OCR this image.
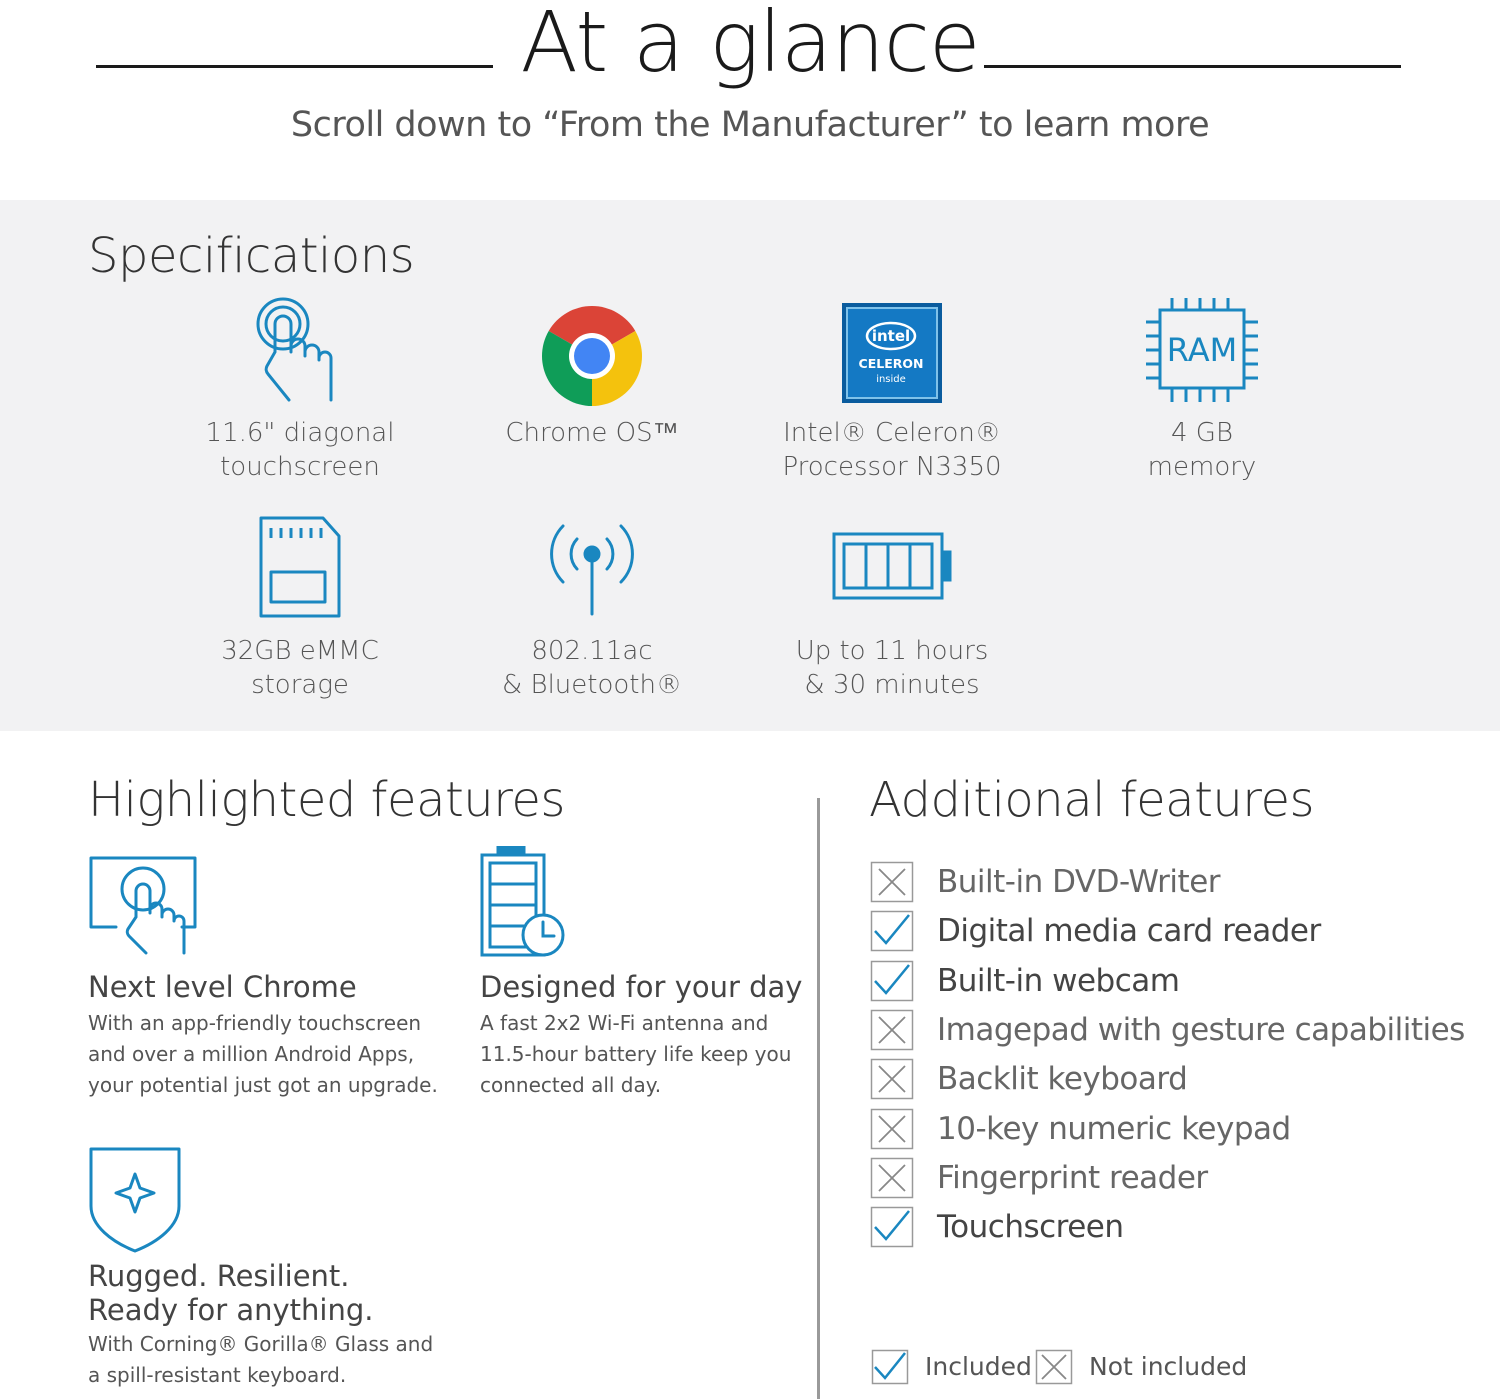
At a glance
Scroll down to “From the Manufacturer” to learn more
Specifications
11.6" diagonal
touchscreen
Chrome OS™
intel
CELERON
inside
Intel® Celeron®
Processor N3350
RAM
4 GB
memory
32GB eMMC
storage
802.11ac
& Bluetooth®
Up to 11 hours
& 30 minutes
Highlighted features
Next level Chrome
With an app-friendly touchscreen
and over a million Android Apps,
your potential just got an upgrade.
Designed for your day
A fast 2x2 Wi-Fi antenna and
11.5-hour battery life keep you
connected all day.
Rugged. Resilient.
Ready for anything.
With Corning® Gorilla® Glass and
a spill-resistant keyboard.
Additional features
Built-in DVD-Writer
Digital media card reader
Built-in webcam
Imagepad with gesture capabilities
Backlit keyboard
10-key numeric keypad
Fingerprint reader
Touchscreen
Included Not included
